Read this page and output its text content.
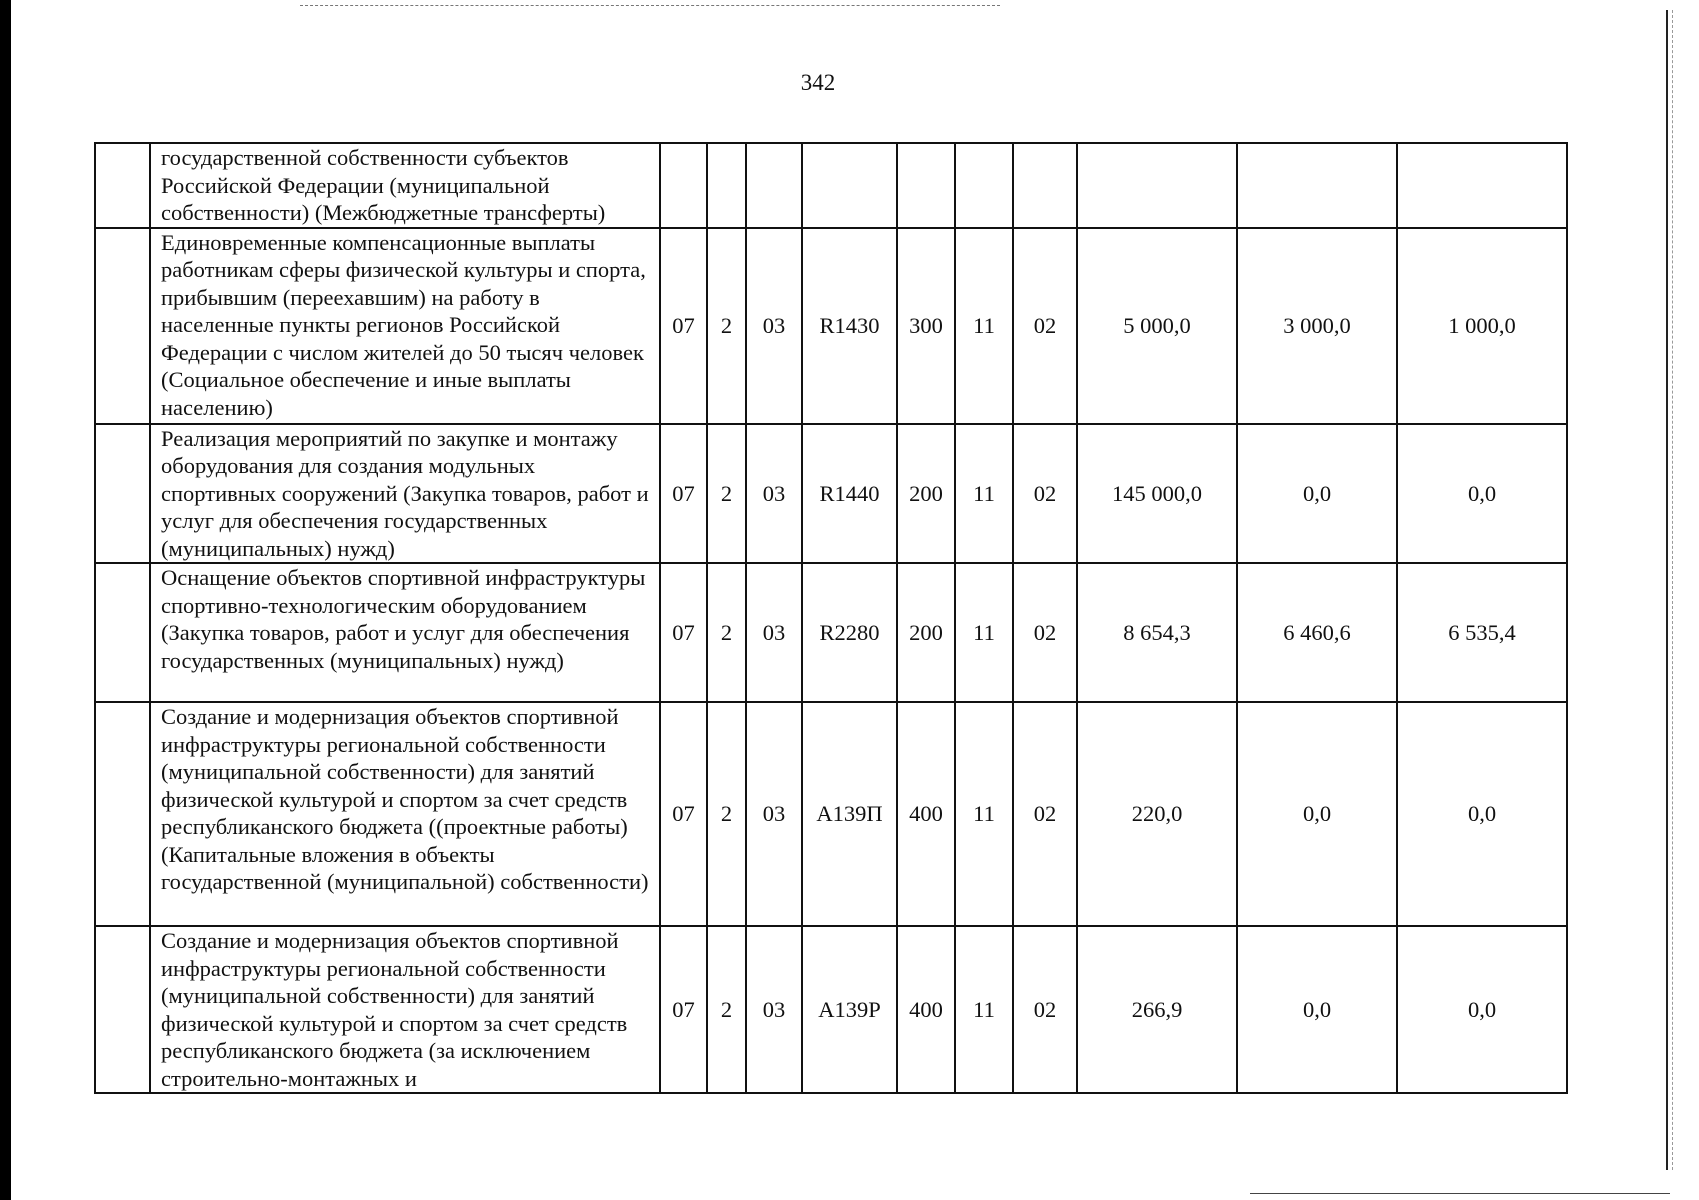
342
	государственной собственности субъектов Российской Федерации (муниципальной собственности) (Межбюджетные трансферты)										
	Единовременные компенсационные выплаты работникам сферы физической культуры и спорта, прибывшим (переехавшим) на работу в населенные пункты регионов Российской Федерации с числом жителей до 50 тысяч человек (Социальное обеспечение и иные выплаты населению)	07	2	03	R1430	300	11	02	5 000,0	3 000,0	1 000,0
	Реализация мероприятий по закупке и монтажу оборудования для создания модульных спортивных сооружений (Закупка товаров, работ и услуг для обеспечения государственных (муниципальных) нужд)	07	2	03	R1440	200	11	02	145 000,0	0,0	0,0
	Оснащение объектов спортивной инфраструктуры спортивно-технологическим оборудованием (Закупка товаров, работ и услуг для обеспечения государственных (муниципальных) нужд)	07	2	03	R2280	200	11	02	8 654,3	6 460,6	6 535,4
	Создание и модернизация объектов спортивной инфраструктуры региональной собственности (муниципальной собственности) для занятий физической культурой и спортом за счет средств республиканского бюджета ((проектные работы) (Капитальные вложения в объекты государственной (муниципальной) собственности)	07	2	03	А139П	400	11	02	220,0	0,0	0,0
	Создание и модернизация объектов спортивной инфраструктуры региональной собственности (муниципальной собственности) для занятий физической культурой и спортом за счет средств республиканского бюджета (за исключением строительно-монтажных и	07	2	03	А139Р	400	11	02	266,9	0,0	0,0
